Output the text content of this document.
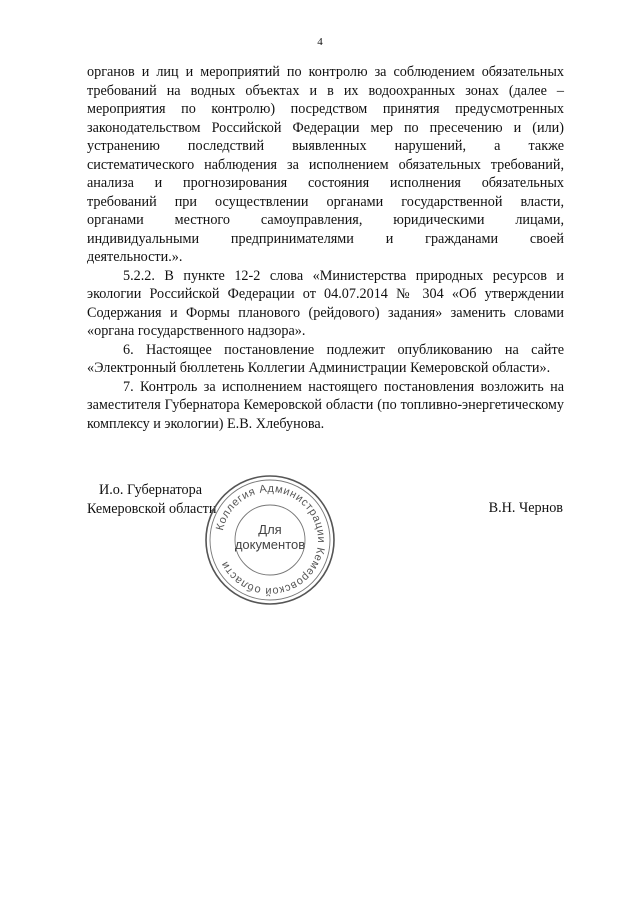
4
органов и лиц и мероприятий по контролю за соблюдением обязательных
требований на водных объектах и в их водоохранных зонах (далее –
мероприятия по контролю) посредством принятия предусмотренных
законодательством Российской Федерации мер по пресечению и (или)
устранению последствий выявленных нарушений, а также
систематического наблюдения за исполнением обязательных требований,
анализа и прогнозирования состояния исполнения обязательных
требований при осуществлении органами государственной власти,
органами местного самоуправления, юридическими лицами,
индивидуальными предпринимателями и гражданами своей
деятельности.».

5.2.2. В пункте 12-2 слова «Министерства природных ресурсов и экологии Российской Федерации от 04.07.2014 № 304 «Об утверждении Содержания и Формы планового (рейдового) задания» заменить словами «органа государственного надзора».

6. Настоящее постановление подлежит опубликованию на сайте «Электронный бюллетень Коллегии Администрации Кемеровской области».

7. Контроль за исполнением настоящего постановления возложить на заместителя Губернатора Кемеровской области (по топливно-энергетическому комплексу и экологии) Е.В. Хлебунова.

И.о. Губернатора
Кемеровской области
Коллегия Администрации Кемеровской области
Для
документов
В.Н. Чернов
